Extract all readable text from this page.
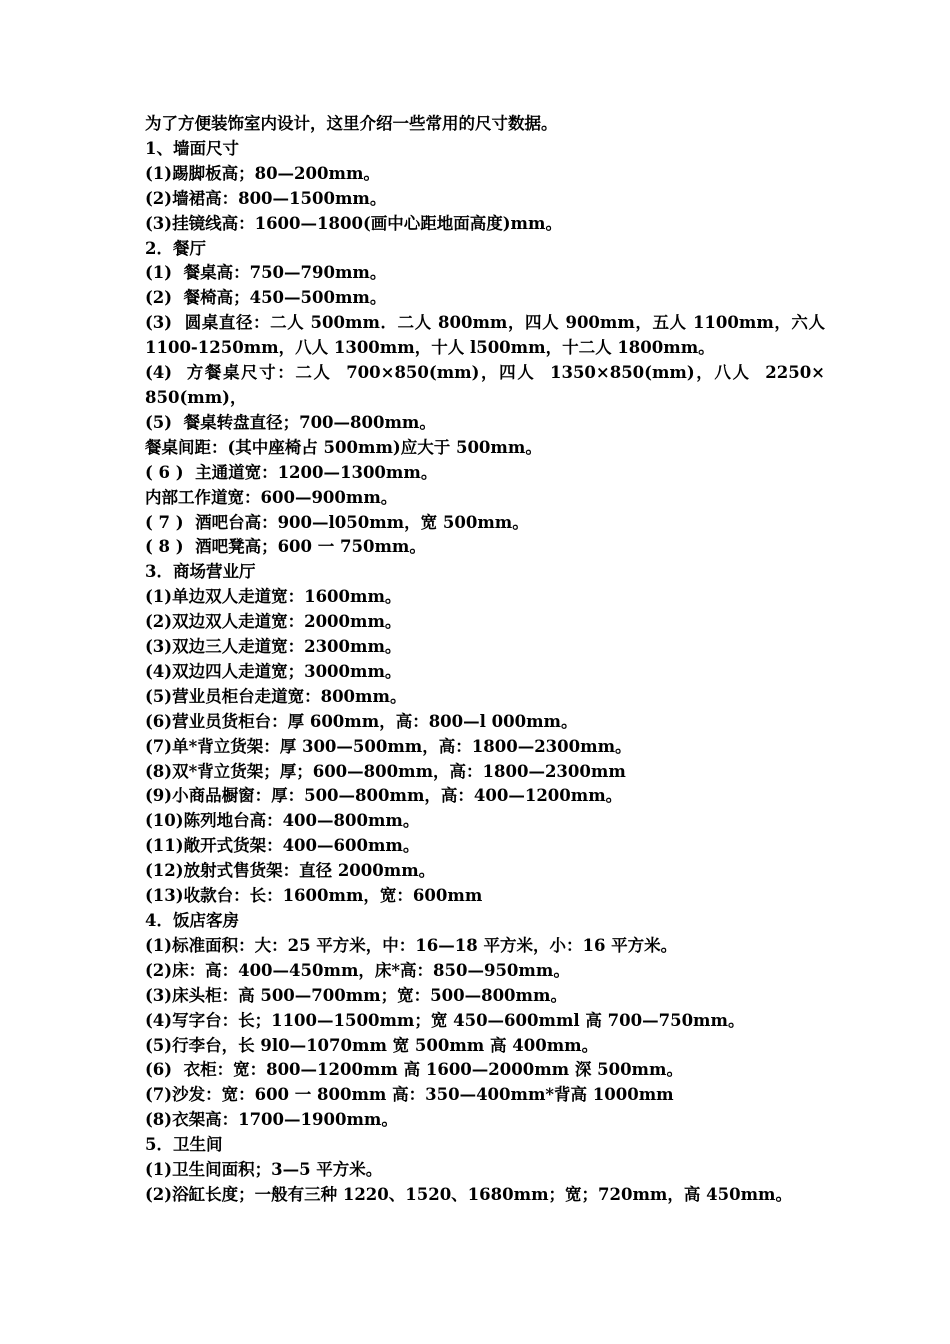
为了方便装饰室内设计，这里介绍一些常用的尺寸数据。
1、墙面尺寸
(1)踢脚板高；80—200mm。
(2)墙裙高：800—1500mm。
(3)挂镜线高：1600—1800(画中心距地面高度)mm。
2．餐厅
(1)  餐桌高：750—790mm。
(2)  餐椅高；450—500mm。
(3)  圆桌直径：二人 500mm．二人 800mm，四人 900mm，五人 1100mm，六人
1100-1250mm，八人 1300mm，十人 l500mm，十二人 1800mm。
(4)  方餐桌尺寸：二人  700×850(mm)，四人  1350×850(mm)，八人  2250×
850(mm)，
(5)  餐桌转盘直径；700—800mm。
餐桌间距：(其中座椅占 500mm)应大于 500mm。
( 6 )  主通道宽：1200—1300mm。
内部工作道宽：600—900mm。
( 7 )  酒吧台高：900—l050mm，宽 500mm。
( 8 )  酒吧凳高；600 一 750mm。
3．商场营业厅
(1)单边双人走道宽：1600mm。
(2)双边双人走道宽：2000mm。
(3)双边三人走道宽：2300mm。
(4)双边四人走道宽；3000mm。
(5)营业员柜台走道宽：800mm。
(6)营业员货柜台：厚 600mm，高：800—l 000mm。
(7)单*背立货架：厚 300—500mm，高：1800—2300mm。
(8)双*背立货架；厚；600—800mm，高：1800—2300mm
(9)小商品橱窗：厚：500—800mm，高：400—1200mm。
(10)陈列地台高：400—800mm。
(11)敞开式货架：400—600mm。
(12)放射式售货架：直径 2000mm。
(13)收款台：长：1600mm，宽：600mm
4．饭店客房
(1)标准面积：大：25 平方米，中：16—18 平方米，小：16 平方米。
(2)床：高：400—450mm，床*高：850—950mm。
(3)床头柜：高 500—700mm；宽：500—800mm。
(4)写字台：长；1100—1500mm；宽 450—600mml 高 700—750mm。
(5)行李台，长 9l0—1070mm 宽 500mm 高 400mm。
(6)  衣柜：宽：800—1200mm 高 1600—2000mm 深 500mm。
(7)沙发：宽：600 一 800mm 高：350—400mm*背高 1000mm
(8)衣架高：1700—1900mm。
5．卫生间
(1)卫生间面积；3—5 平方米。
(2)浴缸长度；一般有三种 1220、1520、1680mm；宽；720mm，高 450mm。
